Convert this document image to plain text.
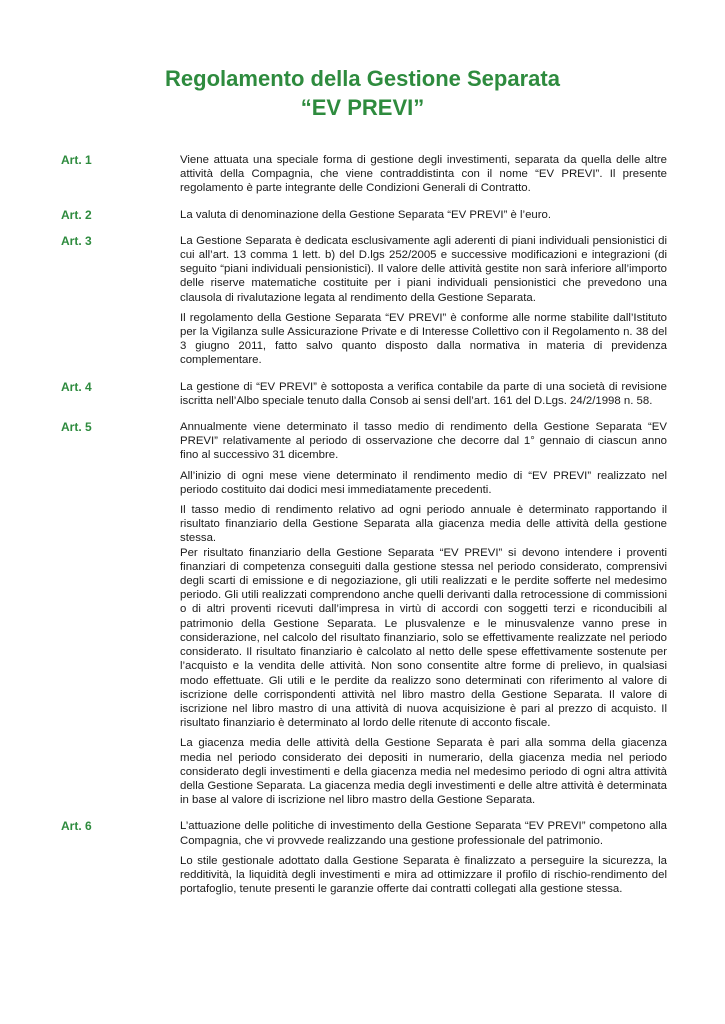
Regolamento della Gestione Separata
“EV PREVI”
Art. 1	Viene attuata una speciale forma di gestione degli investimenti, separata da quella delle altre attività della Compagnia, che viene contraddistinta con il nome “EV PREVI”. Il presente regolamento è parte integrante delle Condizioni Generali di Contratto.

Art. 2	La valuta di denominazione della Gestione Separata “EV PREVI” è l’euro.

Art. 3	La Gestione Separata è dedicata esclusivamente agli aderenti di piani individuali pensionistici di cui all’art. 13 comma 1 lett. b) del D.lgs 252/2005 e successive modificazioni e integrazioni (di seguito “piani individuali pensionistici). Il valore delle attività gestite non sarà inferiore all’importo delle riserve matematiche costituite per i piani individuali pensionistici che prevedono una clausola di rivalutazione legata al rendimento della Gestione Separata.

Il regolamento della Gestione Separata “EV PREVI” è conforme alle norme stabilite dall’Istituto per la Vigilanza sulle Assicurazione Private e di Interesse Collettivo con il Regolamento n. 38 del 3 giugno 2011, fatto salvo quanto disposto dalla normativa in materia di previdenza complementare.

Art. 4	La gestione di “EV PREVI” è sottoposta a verifica contabile da parte di una società di revisione iscritta nell’Albo speciale tenuto dalla Consob ai sensi dell’art. 161 del D.Lgs. 24/2/1998 n. 58.

Art. 5	Annualmente viene determinato il tasso medio di rendimento della Gestione Separata “EV PREVI” relativamente al periodo di osservazione che decorre dal 1° gennaio di ciascun anno fino al successivo 31 dicembre.

All’inizio di ogni mese viene determinato il rendimento medio di “EV PREVI” realizzato nel periodo costituito dai dodici mesi immediatamente precedenti.

Il tasso medio di rendimento relativo ad ogni periodo annuale è determinato rapportando il risultato finanziario della Gestione Separata alla giacenza media delle attività della gestione stessa.

Per risultato finanziario della Gestione Separata “EV PREVI” si devono intendere i proventi finanziari di competenza conseguiti dalla gestione stessa nel periodo considerato, comprensivi degli scarti di emissione e di negoziazione, gli utili realizzati e le perdite sofferte nel medesimo periodo. Gli utili realizzati comprendono anche quelli derivanti dalla retrocessione di commissioni o di altri proventi ricevuti dall’impresa in virtù di accordi con soggetti terzi e riconducibili al patrimonio della Gestione Separata. Le plusvalenze e le minusvalenze vanno prese in considerazione, nel calcolo del risultato finanziario, solo se effettivamente realizzate nel periodo considerato. Il risultato finanziario è calcolato al netto delle spese effettivamente sostenute per l’acquisto e la vendita delle attività. Non sono consentite altre forme di prelievo, in qualsiasi modo effettuate. Gli utili e le perdite da realizzo sono determinati con riferimento al valore di iscrizione delle corrispondenti attività nel libro mastro della Gestione Separata. Il valore di iscrizione nel libro mastro di una attività di nuova acquisizione è pari al prezzo di acquisto. Il risultato finanziario è determinato al lordo delle ritenute di acconto fiscale.

La giacenza media delle attività della Gestione Separata è pari alla somma della giacenza media nel periodo considerato dei depositi in numerario, della giacenza media nel periodo considerato degli investimenti e della giacenza media nel medesimo periodo di ogni altra attività della Gestione Separata. La giacenza media degli investimenti e delle altre attività è determinata in base al valore di iscrizione nel libro mastro della Gestione Separata.

Art. 6	L’attuazione delle politiche di investimento della Gestione Separata “EV PREVI” competono alla Compagnia, che vi provvede realizzando una gestione professionale del patrimonio.

Lo stile gestionale adottato dalla Gestione Separata è finalizzato a perseguire la sicurezza, la redditività, la liquidità degli investimenti e mira ad ottimizzare il profilo di rischio-rendimento del portafoglio, tenute presenti le garanzie offerte dai contratti collegati alla gestione stessa.
